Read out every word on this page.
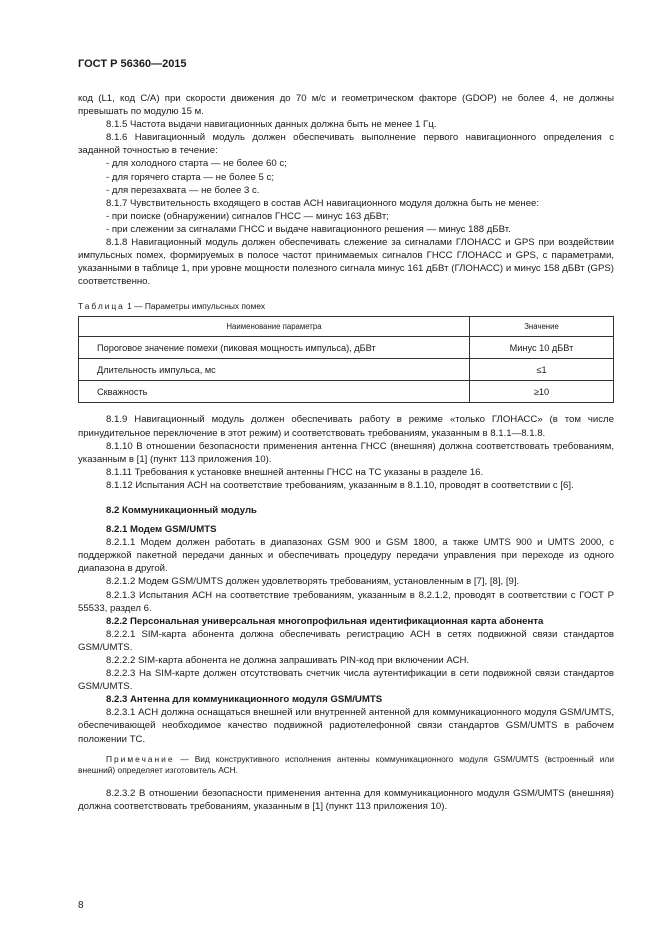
ГОСТ Р 56360—2015

код (L1, код С/А) при скорости движения до 70 м/с и геометрическом факторе (GDOP) не более 4, не должны превышать по модулю 15 м.

8.1.5 Частота выдачи навигационных данных должна быть не менее 1 Гц.

8.1.6 Навигационный модуль должен обеспечивать выполнение первого навигационного определения с заданной точностью в течение:

- для холодного старта — не более 60 с;

- для горячего старта — не более 5 с;

- для перезахвата — не более 3 с.

8.1.7 Чувствительность входящего в состав АСН навигационного модуля должна быть не менее:

- при поиске (обнаружении) сигналов ГНСС — минус 163 дБВт;

- при слежении за сигналами ГНСС и выдаче навигационного решения — минус 188 дБВт.

8.1.8 Навигационный модуль должен обеспечивать слежение за сигналами ГЛОНАСС и GPS при воздействии импульсных помех, формируемых в полосе частот принимаемых сигналов ГНСС ГЛОНАСС и GPS, с параметрами, указанными в таблице 1, при уровне мощности полезного сигнала минус 161 дБВт (ГЛОНАСС) и минус 158 дБВт (GPS) соответственно.

Таблица 1 — Параметры импульсных помех
Наименование параметра	Значение
Пороговое значение помехи (пиковая мощность импульса), дБВт	Минус 10 дБВт
Длительность импульса, мс	≤1
Скважность	≥10

8.1.9 Навигационный модуль должен обеспечивать работу в режиме «только ГЛОНАСС» (в том числе принудительное переключение в этот режим) и соответствовать требованиям, указанным в 8.1.1—8.1.8.

8.1.10 В отношении безопасности применения антенна ГНСС (внешняя) должна соответствовать требованиям, указанным в [1] (пункт 113 приложения 10).

8.1.11 Требования к установке внешней антенны ГНСС на ТС указаны в разделе 16.

8.1.12 Испытания АСН на соответствие требованиям, указанным в 8.1.10, проводят в соответствии с [6].

8.2 Коммуникационный модуль

8.2.1 Модем GSM/UMTS

8.2.1.1 Модем должен работать в диапазонах GSM 900 и GSM 1800, а также UMTS 900 и UMTS 2000, с поддержкой пакетной передачи данных и обеспечивать процедуру передачи управления при переходе из одного диапазона в другой.

8.2.1.2 Модем GSM/UMTS должен удовлетворять требованиям, установленным в [7], [8], [9].

8.2.1.3 Испытания АСН на соответствие требованиям, указанным в 8.2.1.2, проводят в соответствии с ГОСТ Р 55533, раздел 6.

8.2.2 Персональная универсальная многопрофильная идентификационная карта абонента

8.2.2.1 SIM-карта абонента должна обеспечивать регистрацию АСН в сетях подвижной связи стандартов GSM/UMTS.

8.2.2.2 SIM-карта абонента не должна запрашивать PIN-код при включении АСН.

8.2.2.3 На SIM-карте должен отсутствовать счетчик числа аутентификации в сети подвижной связи стандартов GSM/UMTS.

8.2.3 Антенна для коммуникационного модуля GSM/UMTS

8.2.3.1 АСН должна оснащаться внешней или внутренней антенной для коммуникационного модуля GSM/UMTS, обеспечивающей необходимое качество подвижной радиотелефонной связи стандартов GSM/UMTS в рабочем положении ТС.

Примечание — Вид конструктивного исполнения антенны коммуникационного модуля GSM/UMTS (встроенный или внешний) определяет изготовитель АСН.

8.2.3.2 В отношении безопасности применения антенна для коммуникационного модуля GSM/UMTS (внешняя) должна соответствовать требованиям, указанным в [1] (пункт 113 приложения 10).

8
